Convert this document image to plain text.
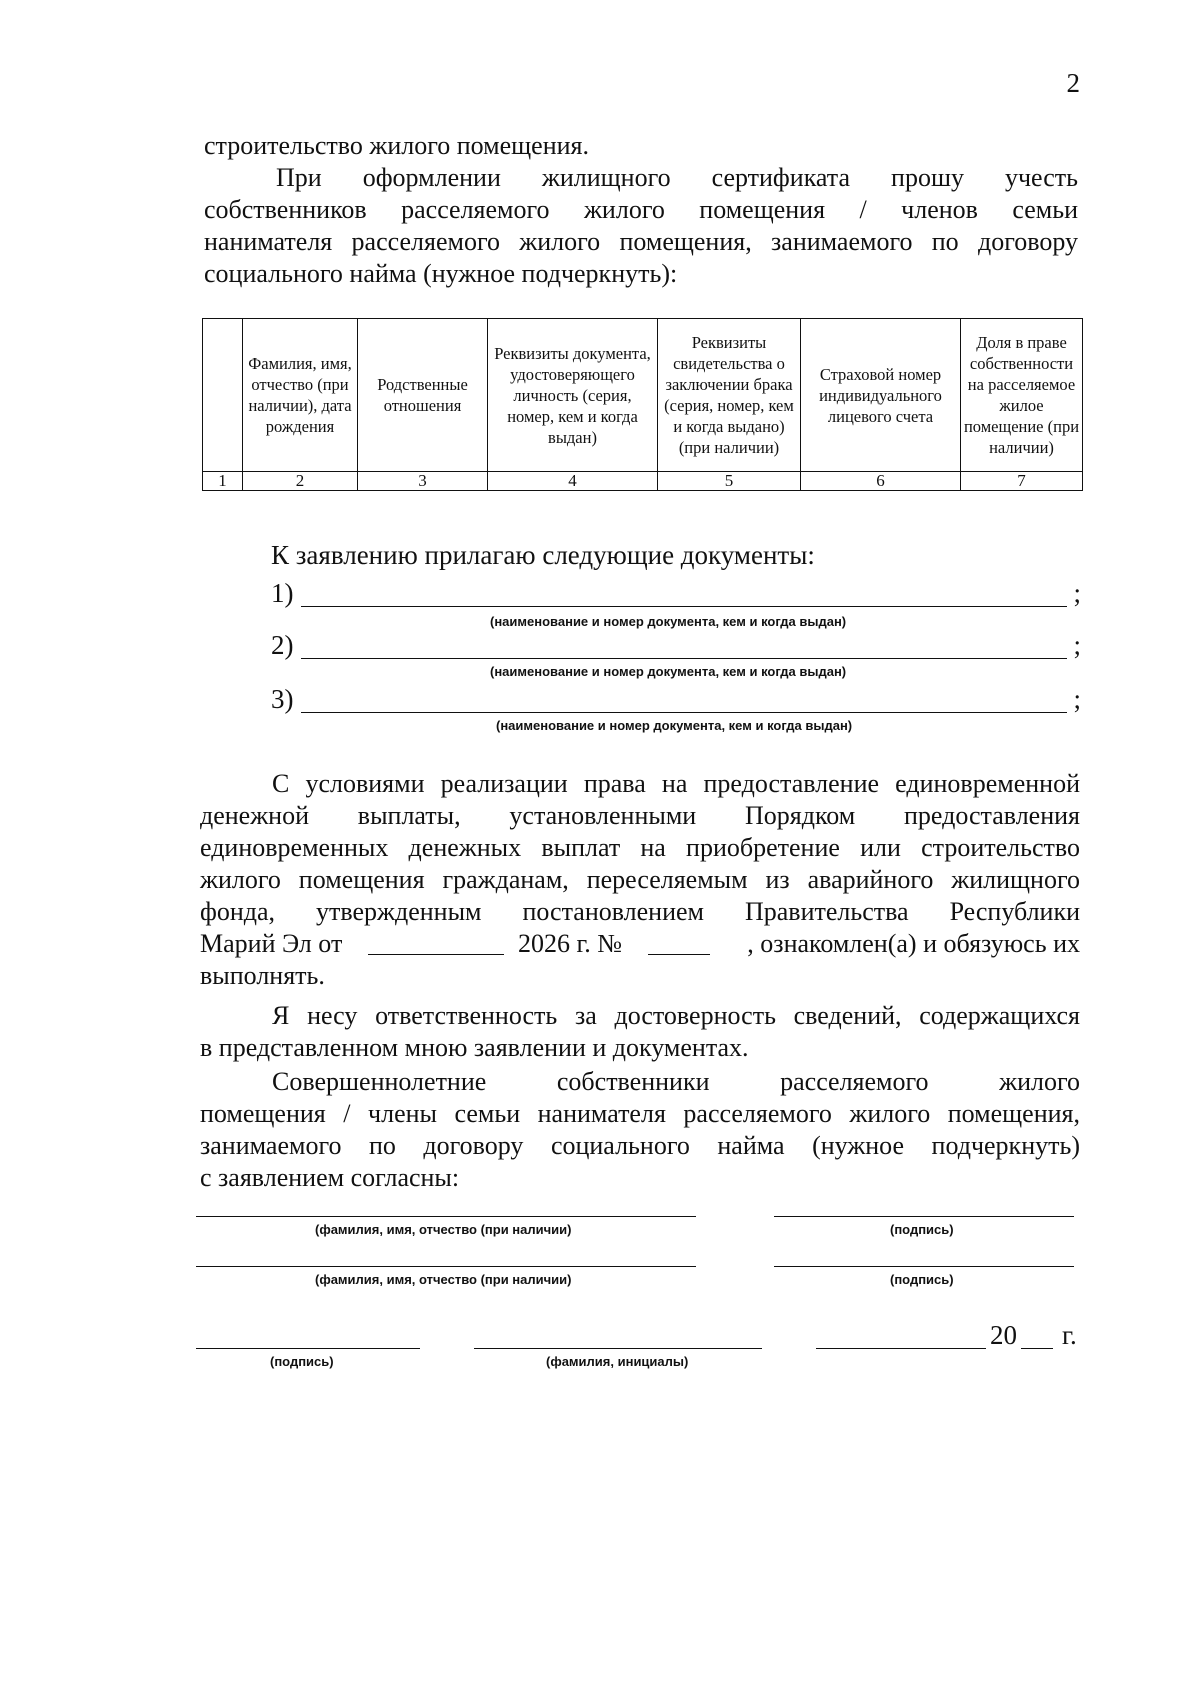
2
строительство жилого помещения.
При оформлении жилищного сертификата прошу учесть
собственников расселяемого жилого помещения / членов семьи
нанимателя расселяемого жилого помещения, занимаемого по договору
социального найма (нужное подчеркнуть):
	Фамилия, имя, отчество (при наличии), дата рождения	Родственные отношения	Реквизиты документа, удостоверяющего личность (серия, номер, кем и когда выдан)	Реквизиты свидетельства о заключении брака (серия, номер, кем и когда выдано) (при наличии)	Страховой номер индивидуального лицевого счета	Доля в праве собственности на расселяемое жилое помещение (при наличии)
1	2	3	4	5	6	7
К заявлению прилагаю следующие документы:
1)	;
(наименование и номер документа, кем и когда выдан)
2)	;
(наименование и номер документа, кем и когда выдан)
3)	;
(наименование и номер документа, кем и когда выдан)
С условиями реализации права на предоставление единовременной
денежной выплаты, установленными Порядком предоставления
единовременных денежных выплат на приобретение или строительство
жилого помещения гражданам, переселяемым из аварийного жилищного
фонда, утвержденным постановлением Правительства Республики
Марий Эл от	2026 г. №	, ознакомлен(а) и обязуюсь их
выполнять.
Я несу ответственность за достоверность сведений, содержащихся
в представленном мною заявлении и документах.
Совершеннолетние собственники расселяемого жилого
помещения / члены семьи нанимателя расселяемого жилого помещения,
занимаемого по договору социального найма (нужное подчеркнуть)
с заявлением согласны:
(фамилия, имя, отчество (при наличии)	(подпись)
(фамилия, имя, отчество (при наличии)	(подпись)
(подпись)	(фамилия, инициалы)
20 г.
